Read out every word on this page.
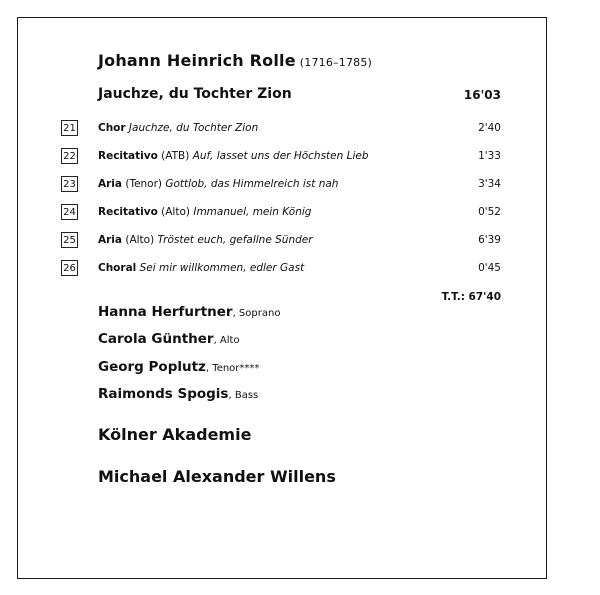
Johann Heinrich Rolle (1716–1785)
Jauchze, du Tochter Zion	16'03
21 Chor Jauchze, du Tochter Zion	2'40
22 Recitativo (ATB) Auf, lasset uns der Höchsten Lieb	1'33
23 Aria (Tenor) Gottlob, das Himmelreich ist nah	3'34
24 Recitativo (Alto) Immanuel, mein König	0'52
25 Aria (Alto) Tröstet euch, gefallne Sünder	6'39
26 Choral Sei mir willkommen, edler Gast	0'45
T.T.: 67'40
Hanna Herfurtner, Soprano
Carola Günther, Alto
Georg Poplutz, Tenor****
Raimonds Spogis, Bass
Kölner Akademie
Michael Alexander Willens
